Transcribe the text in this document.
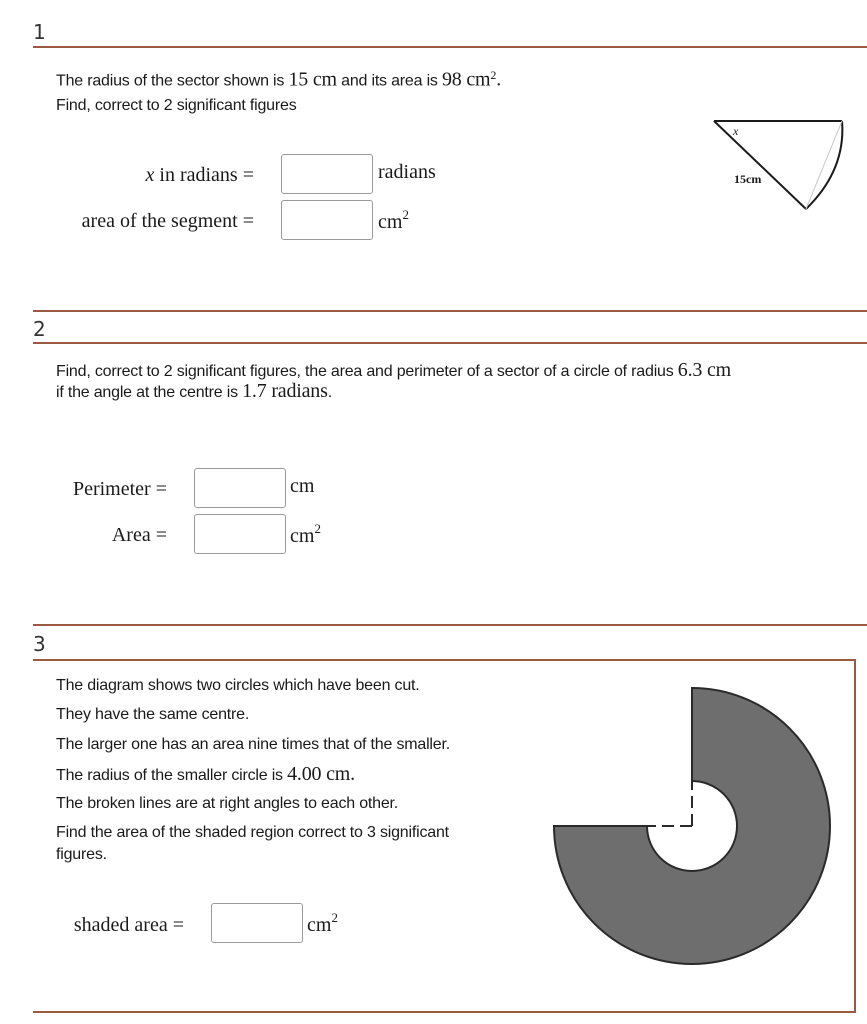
1
The radius of the sector shown is 15 cm and its area is 98 $cm^2$.
Find, correct to 2 significant figures
x in radians =	radians
area of the segment =	$cm^2$
x
15cm
2
Find, correct to 2 significant figures, the area and perimeter of a sector of a circle of radius 6.3 cm
if the angle at the centre is 1.7 radians.
Perimeter =	cm
Area =	$cm^2$
3
The diagram shows two circles which have been cut.
They have the same centre.
The larger one has an area nine times that of the smaller.
The radius of the smaller circle is 4.00 cm.
The broken lines are at right angles to each other.
Find the area of the shaded region correct to 3 significant
figures.
shaded area =	$cm^2$
